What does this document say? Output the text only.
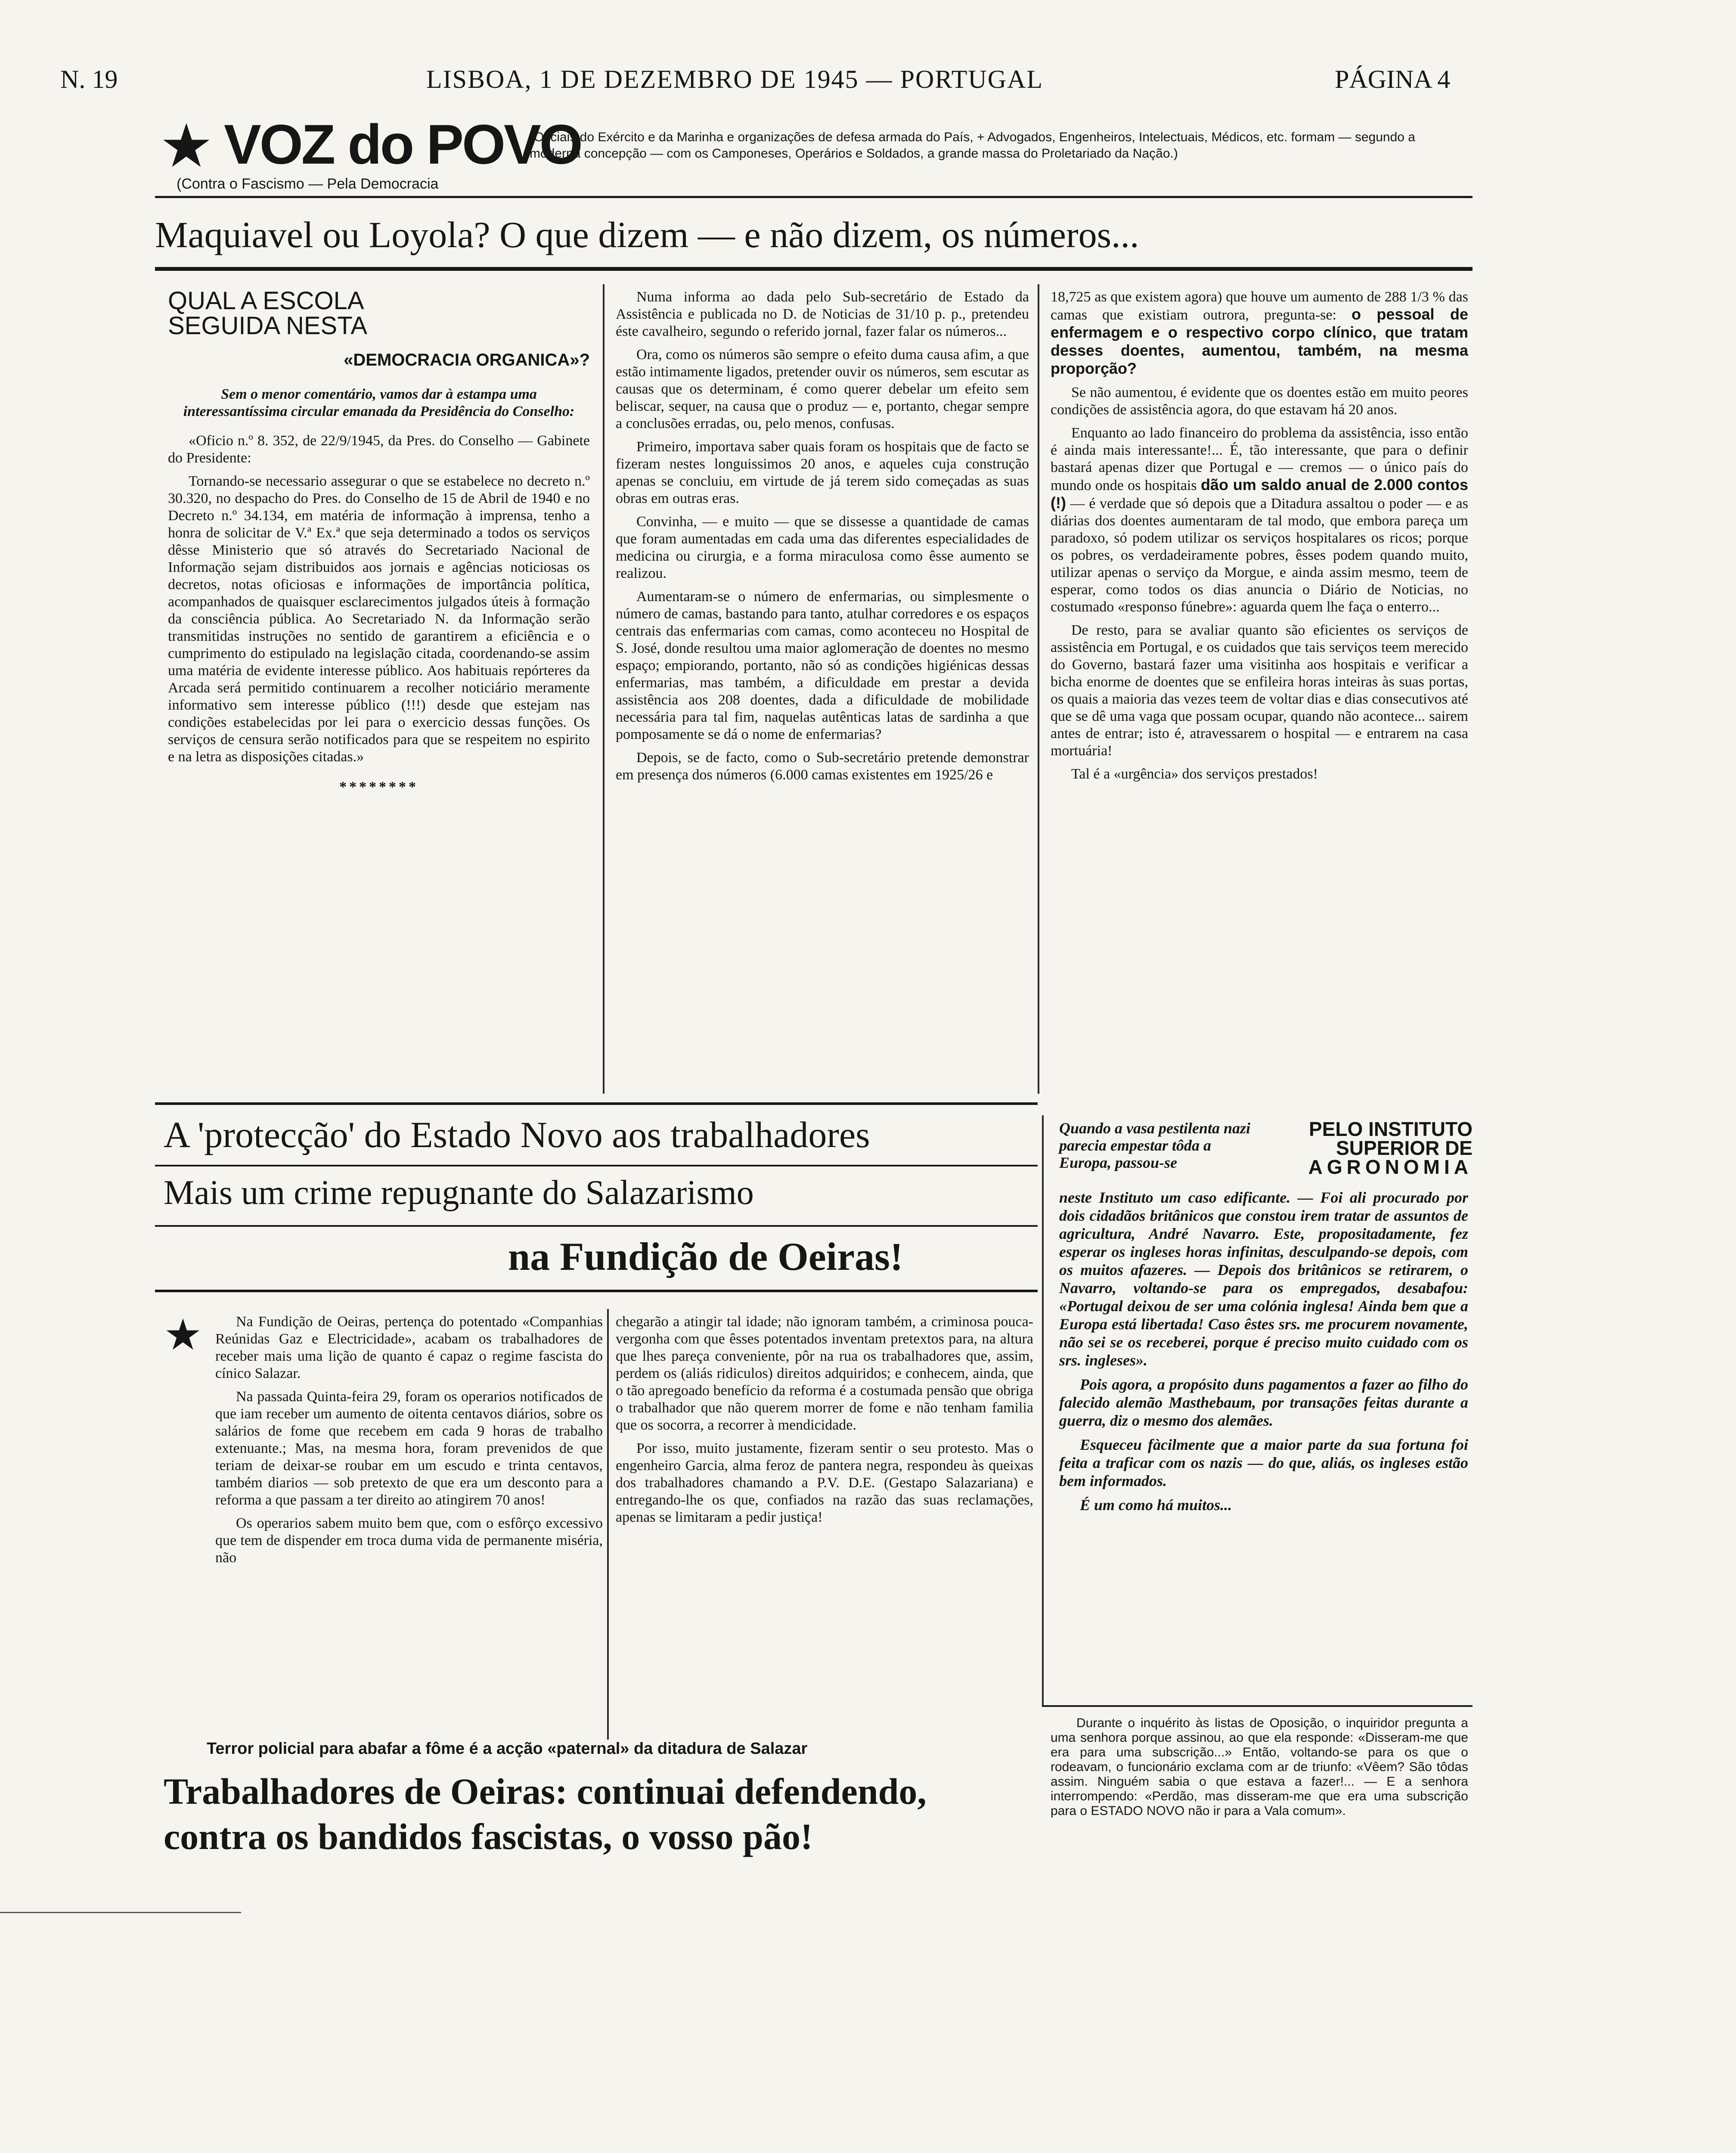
N. 19	LISBOA, 1 DE DEZEMBRO DE 1945 — PORTUGAL	PÁGINA 4
★ VOZ do POVO
(Contra o Fascismo — Pela Democracia
(Oficiais do Exército e da Marinha e organizações de defesa armada do País, + Advogados, Engenheiros, Intelectuais, Médicos, etc. formam — segundo a moderna concepção — com os Camponeses, Operários e Soldados, a grande massa do Proletariado da Nação.)
Maquiavel ou Loyola? O que dizem — e não dizem, os números...
QUAL A ESCOLA
SEGUIDA NESTA
«DEMOCRACIA ORGANICA»?

Sem o menor comentário, vamos dar à estampa uma interessantíssima circular emanada da Presidência do Conselho:

«Oficio n.º 8. 352, de 22/9/1945, da Pres. do Conselho — Gabinete do Presidente:

Tornando-se necessario assegurar o que se estabelece no decreto n.º 30.320, no despacho do Pres. do Conselho de 15 de Abril de 1940 e no Decreto n.º 34.134, em matéria de informação à imprensa, tenho a honra de solicitar de V.ª Ex.ª que seja determinado a todos os serviços dêsse Ministerio que só através do Secretariado Nacional de Informação sejam distribuidos aos jornais e agências noticiosas os decretos, notas oficiosas e informações de importância política, acompanhados de quaisquer esclarecimentos julgados úteis à formação da consciência pública. Ao Secretariado N. da Informação serão transmitidas instruções no sentido de garantirem a eficiência e o cumprimento do estipulado na legislação citada, coordenando-se assim uma matéria de evidente interesse público. Aos habituais repórteres da Arcada será permitido continuarem a recolher noticiário meramente informativo sem interesse público (!!!) desde que estejam nas condições estabelecidas por lei para o exercicio dessas funções. Os serviços de censura serão notificados para que se respeitem no espirito e na letra as disposições citadas.»

********

Numa informa ao dada pelo Sub-secretário de Estado da Assistência e publicada no D. de Noticias de 31/10 p. p., pretendeu éste cavalheiro, segundo o referido jornal, fazer falar os números...

Ora, como os números são sempre o efeito duma causa afim, a que estão intimamente ligados, pretender ouvir os números, sem escutar as causas que os determinam, é como querer debelar um efeito sem beliscar, sequer, na causa que o produz — e, portanto, chegar sempre a conclusões erradas, ou, pelo menos, confusas.

Primeiro, importava saber quais foram os hospitais que de facto se fizeram nestes longuissimos 20 anos, e aqueles cuja construção apenas se concluiu, em virtude de já terem sido começadas as suas obras em outras eras.

Convinha, — e muito — que se dissesse a quantidade de camas que foram aumentadas em cada uma das diferentes especialidades de medicina ou cirurgia, e a forma miraculosa como êsse aumento se realizou.

Aumentaram-se o número de enfermarias, ou simplesmente o número de camas, bastando para tanto, atulhar corredores e os espaços centrais das enfermarias com camas, como aconteceu no Hospital de S. José, donde resultou uma maior aglomeração de doentes no mesmo espaço; empiorando, portanto, não só as condições higiénicas dessas enfermarias, mas também, a dificuldade em prestar a devida assistência aos 208 doentes, dada a dificuldade de mobilidade necessária para tal fim, naquelas autênticas latas de sardinha a que pomposamente se dá o nome de enfermarias?

Depois, se de facto, como o Sub-secretário pretende demonstrar em presença dos números (6.000 camas existentes em 1925/26 e

18,725 as que existem agora) que houve um aumento de 288 1/3 % das camas que existiam outrora, pregunta-se: o pessoal de enfermagem e o respectivo corpo clínico, que tratam desses doentes, aumentou, também, na mesma proporção?

Se não aumentou, é evidente que os doentes estão em muito peores condições de assistência agora, do que estavam há 20 anos.

Enquanto ao lado financeiro do problema da assistência, isso então é ainda mais interessante!... É, tão interessante, que para o definir bastará apenas dizer que Portugal e — cremos — o único país do mundo onde os hospitais dão um saldo anual de 2.000 contos (!) — é verdade que só depois que a Ditadura assaltou o poder — e as diárias dos doentes aumentaram de tal modo, que embora pareça um paradoxo, só podem utilizar os serviços hospitalares os ricos; porque os pobres, os verdadeiramente pobres, êsses podem quando muito, utilizar apenas o serviço da Morgue, e ainda assim mesmo, teem de esperar, como todos os dias anuncia o Diário de Noticias, no costumado «responso fúnebre»: aguarda quem lhe faça o enterro...

De resto, para se avaliar quanto são eficientes os serviços de assistência em Portugal, e os cuidados que tais serviços teem merecido do Governo, bastará fazer uma visitinha aos hospitais e verificar a bicha enorme de doentes que se enfileira horas inteiras às suas portas, os quais a maioria das vezes teem de voltar dias e dias consecutivos até que se dê uma vaga que possam ocupar, quando não acontece... sairem antes de entrar; isto é, atravessarem o hospital — e entrarem na casa mortuária!

Tal é a «urgência» dos serviços prestados!

A 'protecção' do Estado Novo aos trabalhadores
Mais um crime repugnante do Salazarismo
na Fundição de Oeiras!
★	Na Fundição de Oeiras, pertença do potentado «Companhias Reúnidas Gaz e Electricidade», acabam os trabalhadores de receber mais uma lição de quanto é capaz o regime fascista do cínico Salazar.

Na passada Quinta-feira 29, foram os operarios notificados de que iam receber um aumento de oitenta centavos diários, sobre os salários de fome que recebem em cada 9 horas de trabalho extenuante.; Mas, na mesma hora, foram prevenidos de que teriam de deixar-se roubar em um escudo e trinta centavos, também diarios — sob pretexto de que era um desconto para a reforma a que passam a ter direito ao atingirem 70 anos!

Os operarios sabem muito bem que, com o esfôrço excessivo que tem de dispender em troca duma vida de permanente miséria, não

chegarão a atingir tal idade; não ignoram também, a criminosa pouca-vergonha com que êsses potentados inventam pretextos para, na altura que lhes pareça conveniente, pôr na rua os trabalhadores que, assim, perdem os (aliás ridiculos) direitos adquiridos; e conhecem, ainda, que o tão apregoado benefício da reforma é a costumada pensão que obriga o trabalhador que não querem morrer de fome e não tenham familia que os socorra, a recorrer à mendicidade.

Por isso, muito justamente, fizeram sentir o seu protesto. Mas o engenheiro Garcia, alma feroz de pantera negra, respondeu às queixas dos trabalhadores chamando a P.V. D.E. (Gestapo Salazariana) e entregando-lhe os que, confiados na razão das suas reclamações, apenas se limitaram a pedir justiça!

Terror policial para abafar a fôme é a acção «paternal» da ditadura de Salazar
Trabalhadores de Oeiras: continuai defendendo,
contra os bandidos fascistas, o vosso pão!
Quando a vasa pestilenta nazi parecia empestar tôda a Europa, passou-se
PELO INSTITUTO
SUPERIOR DE
AGRONOMIA

neste Instituto um caso edificante. — Foi ali procurado por dois cidadãos britânicos que constou irem tratar de assuntos de agricultura, André Navarro. Este, propositadamente, fez esperar os ingleses horas infinitas, desculpando-se depois, com os muitos afazeres. — Depois dos britânicos se retirarem, o Navarro, voltando-se para os empregados, desabafou: «Portugal deixou de ser uma colónia inglesa! Ainda bem que a Europa está libertada! Caso êstes srs. me procurem novamente, não sei se os receberei, porque é preciso muito cuidado com os srs. ingleses».

Pois agora, a propósito duns pagamentos a fazer ao filho do falecido alemão Masthebaum, por transações feitas durante a guerra, diz o mesmo dos alemães.

Esqueceu fàcilmente que a maior parte da sua fortuna foi feita a traficar com os nazis — do que, aliás, os ingleses estão bem informados.

É um como há muitos...

Durante o inquérito às listas de Oposição, o inquiridor pregunta a uma senhora porque assinou, ao que ela responde: «Disseram-me que era para uma subscrição...» Então, voltando-se para os que o rodeavam, o funcionário exclama com ar de triunfo: «Vêem? São tôdas assim. Ninguém sabia o que estava a fazer!... — E a senhora interrompendo: «Perdão, mas disseram-me que era uma subscrição para o ESTADO NOVO não ir para a Vala comum».
